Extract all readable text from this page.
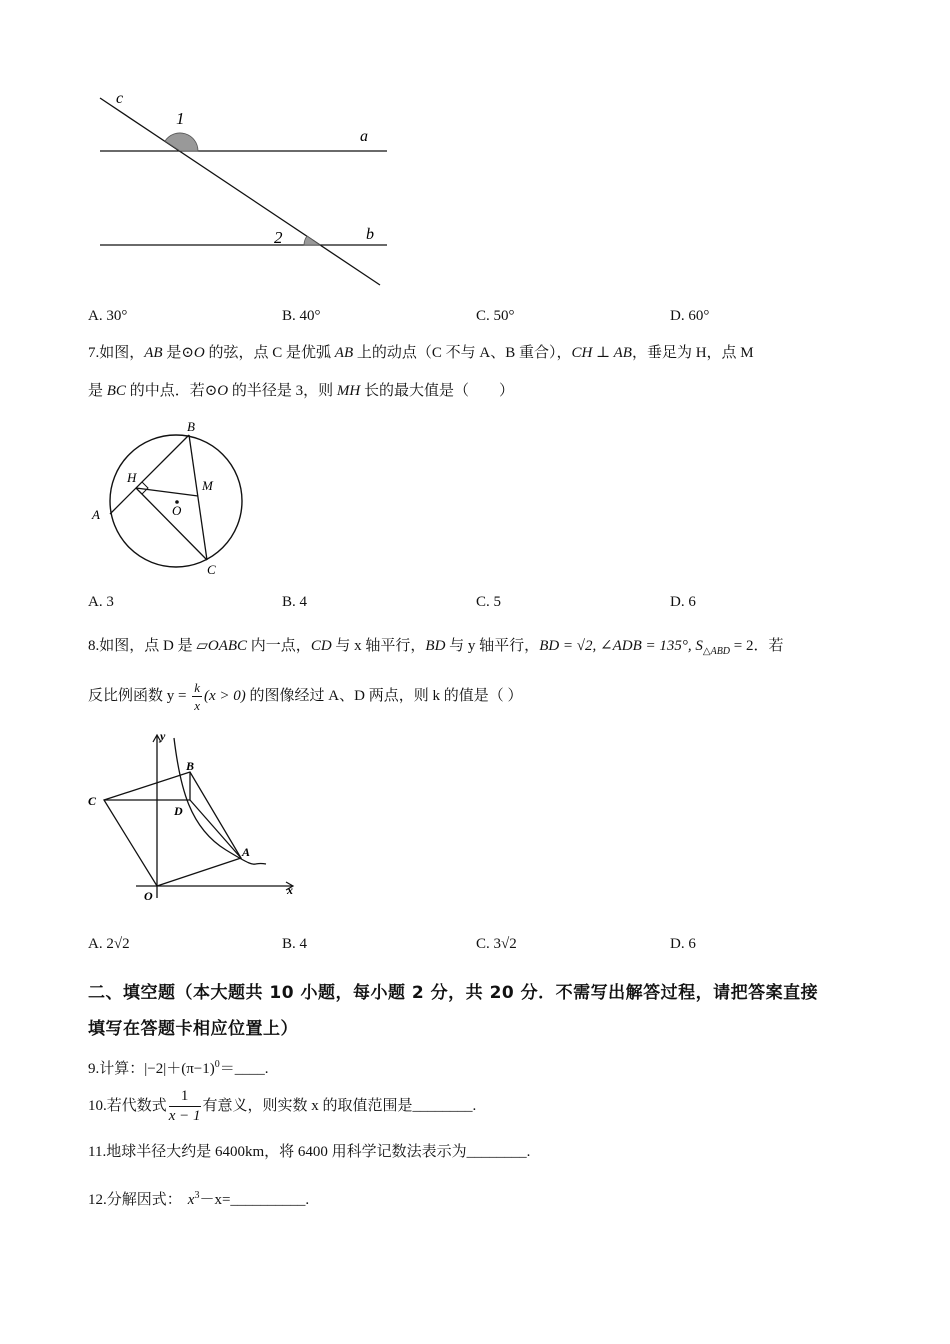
c
1
a
2	b
A. 30°	B. 40°	C. 50°	D. 60°
7.如图，AB 是⊙O 的弦，点 C 是优弧 AB 上的动点（C 不与 A、B 重合），CH ⊥ AB，垂足为 H，点 M
是 BC 的中点．若⊙O 的半径是 3，则 MH 长的最大值是（　　）
B
H
M
O
A
C
A. 3	B. 4	C. 5	D. 6
8.如图，点 D 是 ▱OABC 内一点，CD 与 x 轴平行，BD 与 y 轴平行，BD = √2, ∠ADB = 135°, $S_{\triangle ABD} = 2$．若
反比例函数 $y = \frac{k}{x} (x > 0)$ 的图像经过 A、D 两点，则 k 的值是（ ）
y
B
C
D
A
O	x
A. 2√2	B. 4	C. 3√2	D. 6
二、填空题（本大题共 10 小题，每小题 2 分，共 20 分．不需写出解答过程，请把答案直接
填写在答题卡相应位置上）
9.计算：$|-2|+(\pi-1)^0=\_\_\_\_$.
10.若代数式 $\frac{1}{x - 1}$ 有意义，则实数 x 的取值范围是________.
11.地球半径大约是 6400km，将 6400 用科学记数法表示为________.
12.分解因式： $x^3-x=\_\_\_\_\_\_\_\_\_\_$.
